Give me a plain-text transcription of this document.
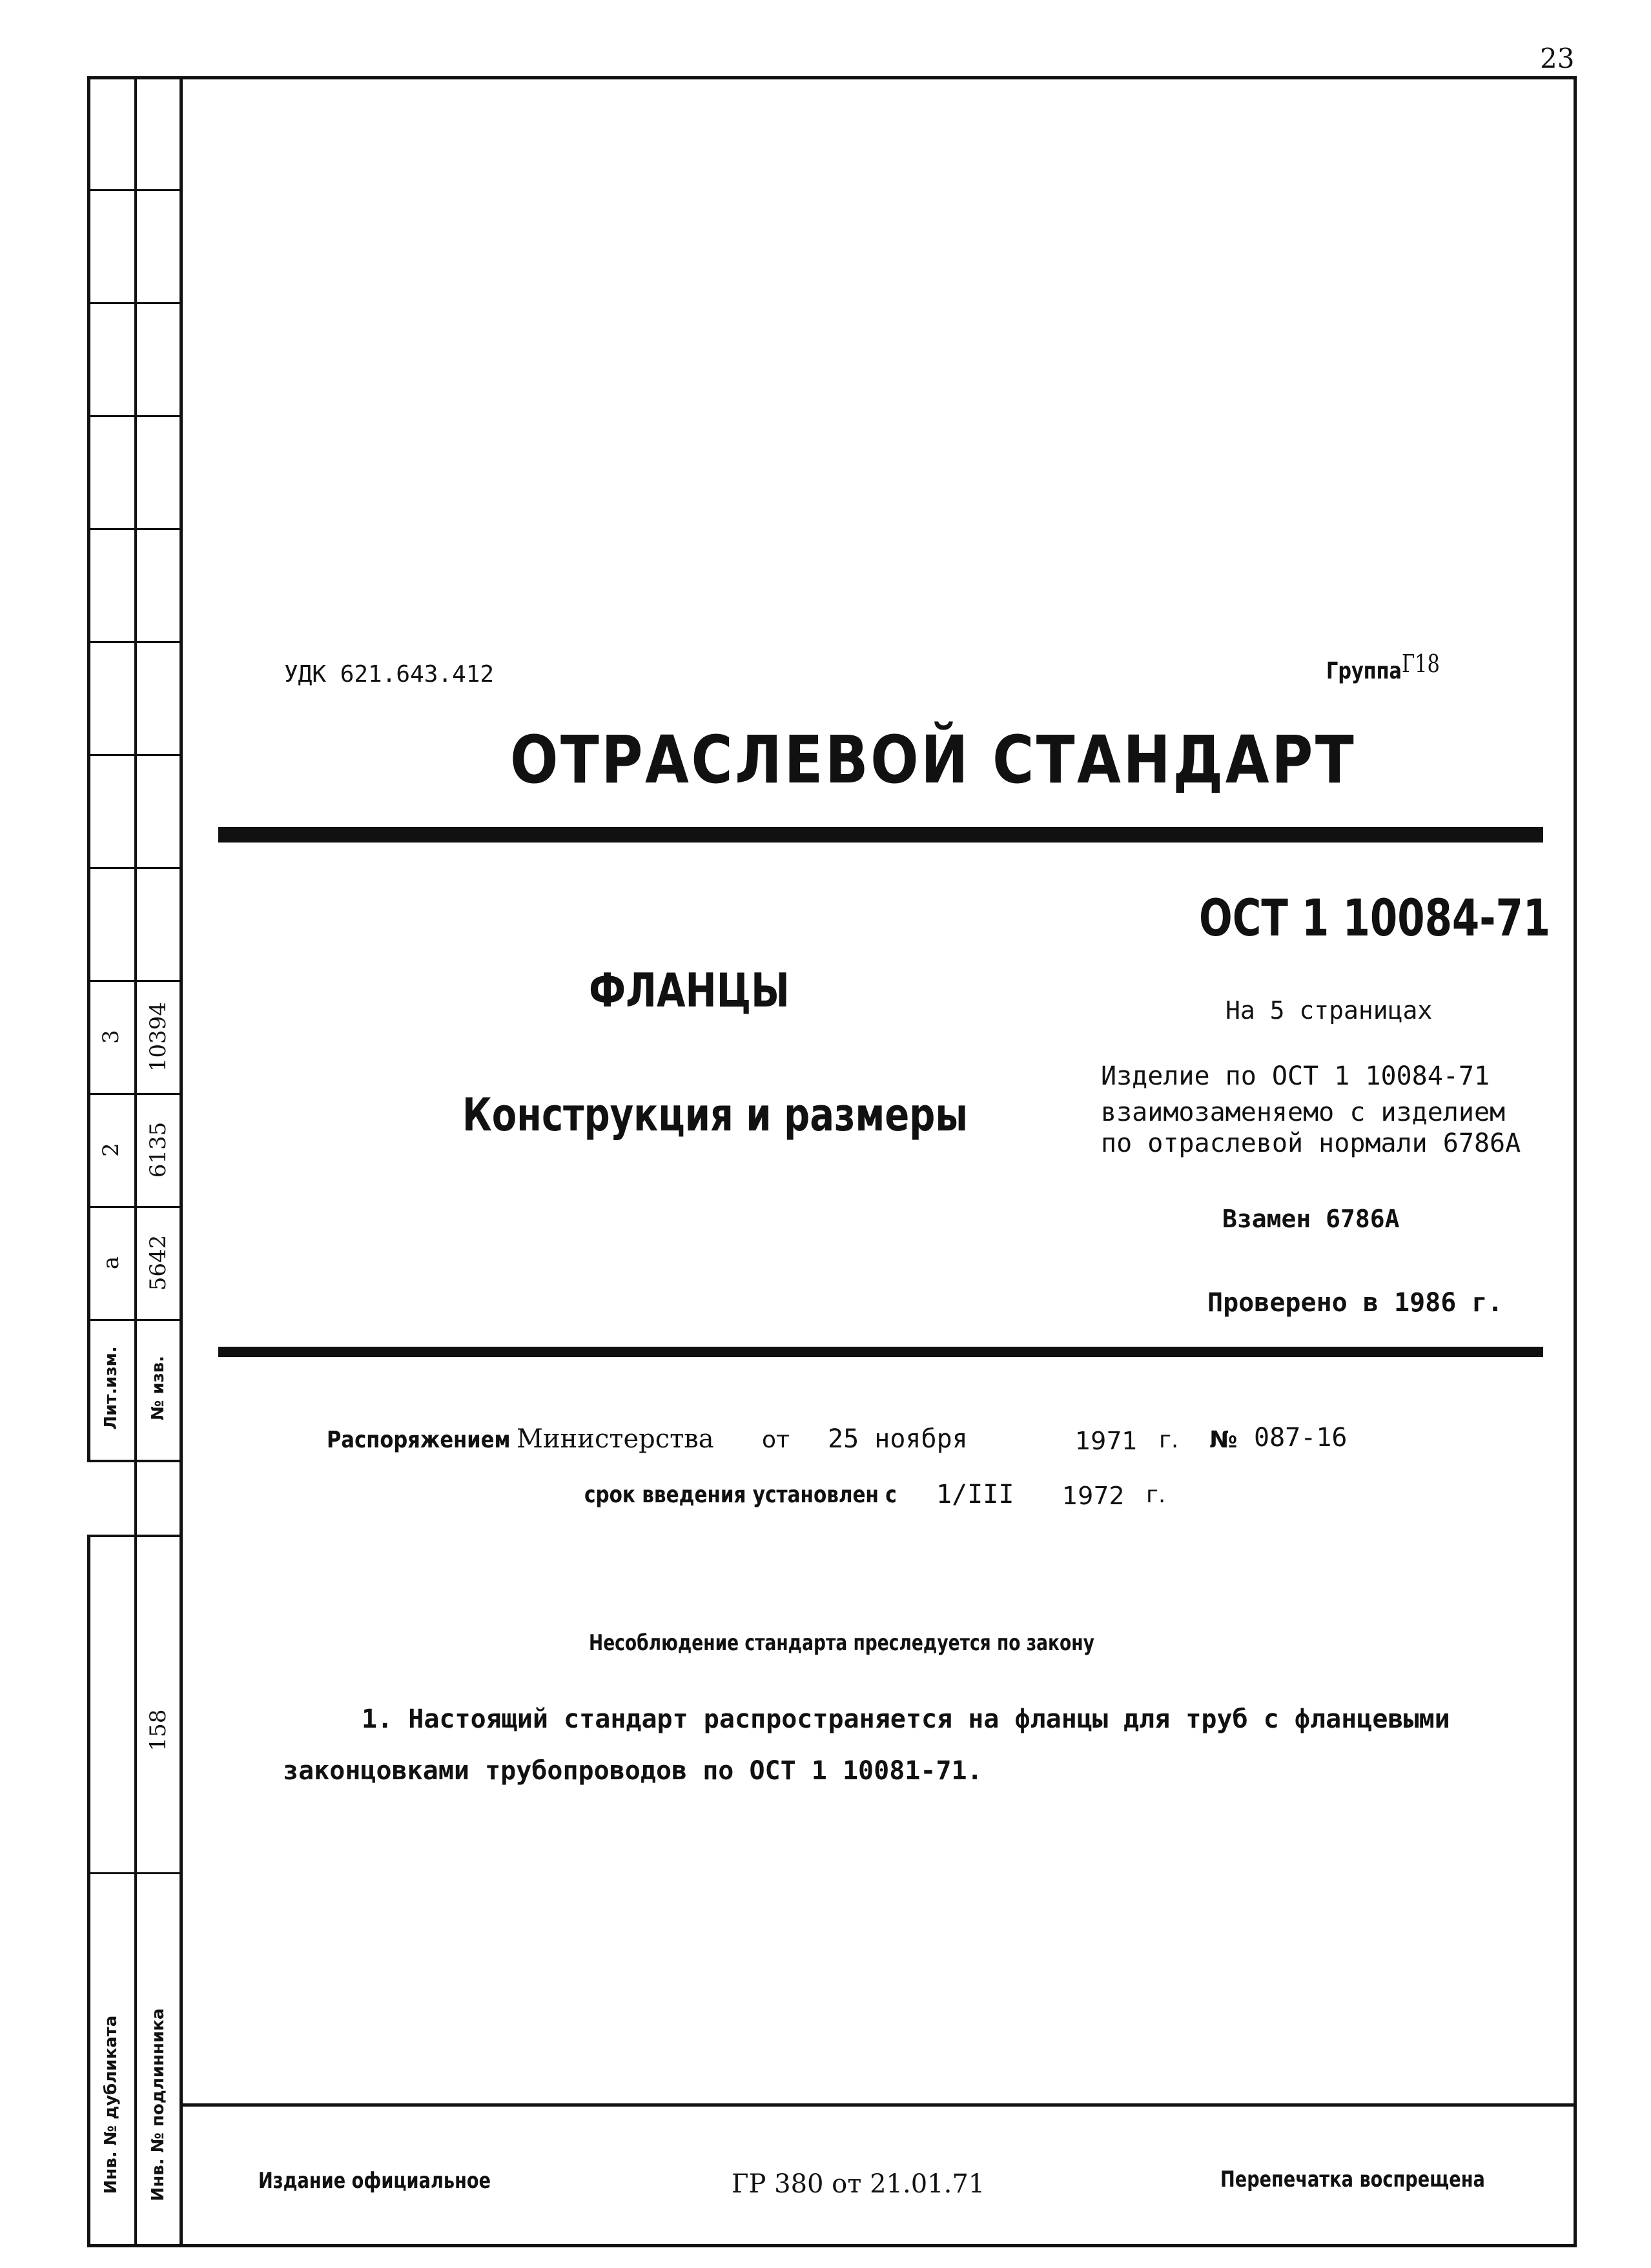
23
3 10394
2 6135
а 5642
Лит.изм. № изв.
158
Инв. № дубликата Инв. № подлинника
УДК 621.643.412	ГруппаГ18
ОТРАСЛЕВОЙ СТАНДАРТ
ОСТ 1 10084-71
ФЛАНЦЫ
Конструкция и размеры
На 5 страницах
Изделие по ОСТ 1 10084-71
взаимозаменяемо с изделием
по отраслевой нормали 6786А
Взамен 6786А
Проверено в 1986 г.
Распоряжением Министерства от 25 ноября	1971 г. № 087-16
срок введения установлен с 1/III 1972 г.
Несоблюдение стандарта преследуется по закону
1. Настоящий стандарт распространяется на фланцы для труб с фланцевыми
законцовками трубопроводов по ОСТ 1 10081-71.
Издание официальное	ГР 380 от 21.01.71	Перепечатка воспрещена
